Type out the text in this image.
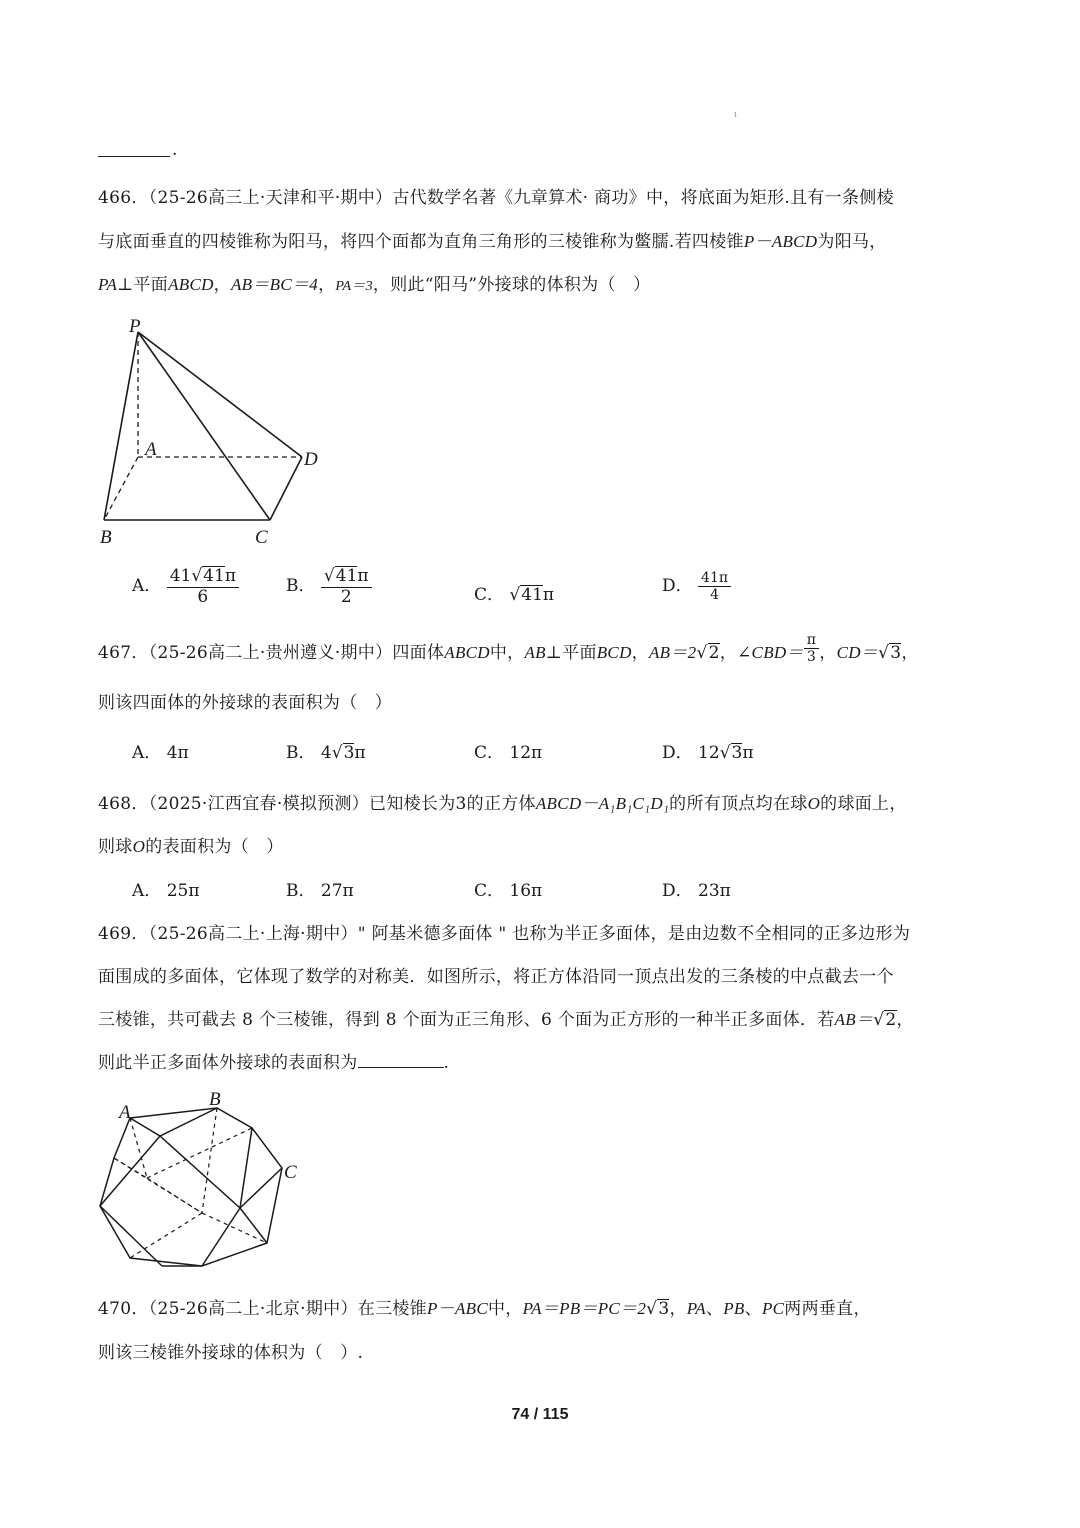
ı
.
466．（25-26高三上·天津和平·期中）古代数学名著《九章算术· 商功》中，将底面为矩形.且有一条侧棱
与底面垂直的四棱锥称为阳马，将四个面都为直角三角形的三棱锥称为鳖臑.若四棱锥P－ABCD为阳马，
PA⊥平面ABCD，AB＝BC＝4，PA＝3，则此“阳马”外接球的体积为（　）
P
A
B	C
D
A． $\frac{41√41\pi}{6}$	B． $\frac{√41\pi}{2}$	C． √41π	D． $\frac{41\pi}{4}$
467．（25-26高二上·贵州遵义·期中）四面体ABCD中，AB⊥平面BCD，AB＝2√2，∠CBD＝ $\frac{\pi}{3}$ ，CD＝√3，
则该四面体的外接球的表面积为（　）
A． 4π	B． 4√3π	C． 12π	D． 12√3π
468．（2025·江西宜春·模拟预测）已知棱长为3的正方体ABCD－A₁B₁C₁D₁的所有顶点均在球O的球面上，
则球O的表面积为（　）
A． 25π	B． 27π	C． 16π	D． 23π
469．（25-26高二上·上海·期中）" 阿基米德多面体 " 也称为半正多面体，是由边数不全相同的正多边形为
面围成的多面体，它体现了数学的对称美．如图所示，将正方体沿同一顶点出发的三条棱的中点截去一个
三棱锥，共可截去 8 个三棱锥，得到 8 个面为正三角形、6 个面为正方形的一种半正多面体．若AB＝√2，
则此半正多面体外接球的表面积为	.
A
B
C
470．（25-26高二上·北京·期中）在三棱锥P－ABC中，PA＝PB＝PC＝2√3，PA、PB、PC两两垂直，
则该三棱锥外接球的体积为（　）.
74 / 115
